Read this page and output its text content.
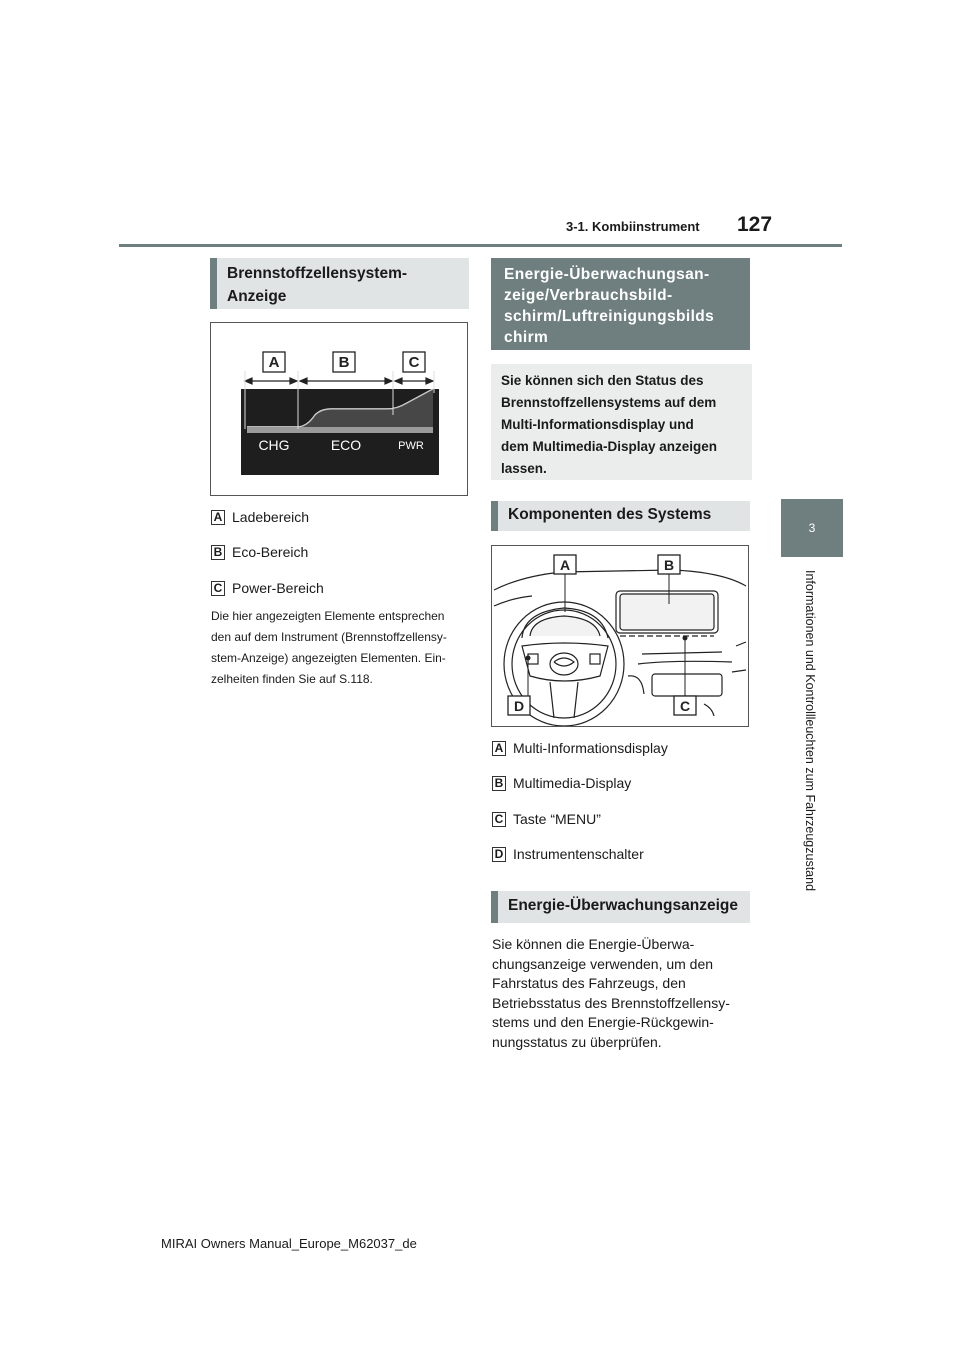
3-1. Kombiinstrument 127
3
Informationen und Kontrollleuchten zum Fahrzeugzustand
Brennstoffzellensystem-
Anzeige
A	B	C
CHG	ECO	PWR
A Ladebereich
B Eco-Bereich
C Power-Bereich
Die hier angezeigten Elemente entsprechen
den auf dem Instrument (Brennstoffzellensy-
stem-Anzeige) angezeigten Elementen. Ein-
zelheiten finden Sie auf S.118.
Energie-Überwachungsan-
zeige/Verbrauchsbild-
schirm/Luftreinigungsbilds
chirm
Sie können sich den Status des
Brennstoffzellensystems auf dem
Multi-Informationsdisplay und
dem Multimedia-Display anzeigen
lassen.
Komponenten des Systems
A	B
C
D
A Multi-Informationsdisplay
B Multimedia-Display
C Taste “MENU”
D Instrumentenschalter
Energie-Überwachungsanzeige
Sie können die Energie-Überwa-
chungsanzeige verwenden, um den
Fahrstatus des Fahrzeugs, den
Betriebsstatus des Brennstoffzellensy-
stems und den Energie-Rückgewin-
nungsstatus zu überprüfen.
MIRAI Owners Manual_Europe_M62037_de
